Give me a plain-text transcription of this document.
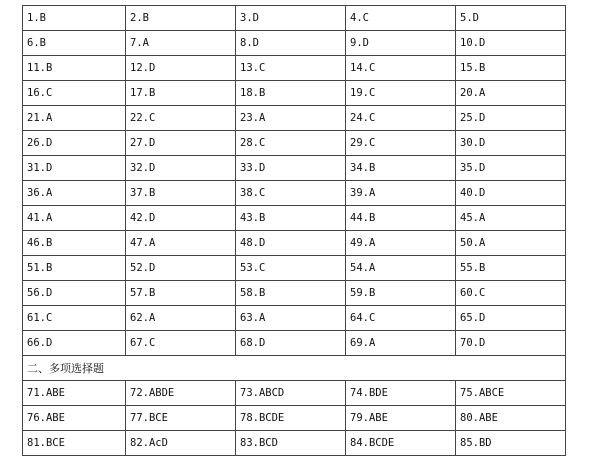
1.B	2.B	3.D	4.C	5.D
6.B	7.A	8.D	9.D	10.D
11.B	12.D	13.C	14.C	15.B
16.C	17.B	18.B	19.C	20.A
21.A	22.C	23.A	24.C	25.D
26.D	27.D	28.C	29.C	30.D
31.D	32.D	33.D	34.B	35.D
36.A	37.B	38.C	39.A	40.D
41.A	42.D	43.B	44.B	45.A
46.B	47.A	48.D	49.A	50.A
51.B	52.D	53.C	54.A	55.B
56.D	57.B	58.B	59.B	60.C
61.C	62.A	63.A	64.C	65.D
66.D	67.C	68.D	69.A	70.D
二、多项选择题				
71.ABE	72.ABDE	73.ABCD	74.BDE	75.ABCE
76.ABE	77.BCE	78.BCDE	79.ABE	80.ABE
81.BCE	82.AcD	83.BCD	84.BCDE	85.BD
